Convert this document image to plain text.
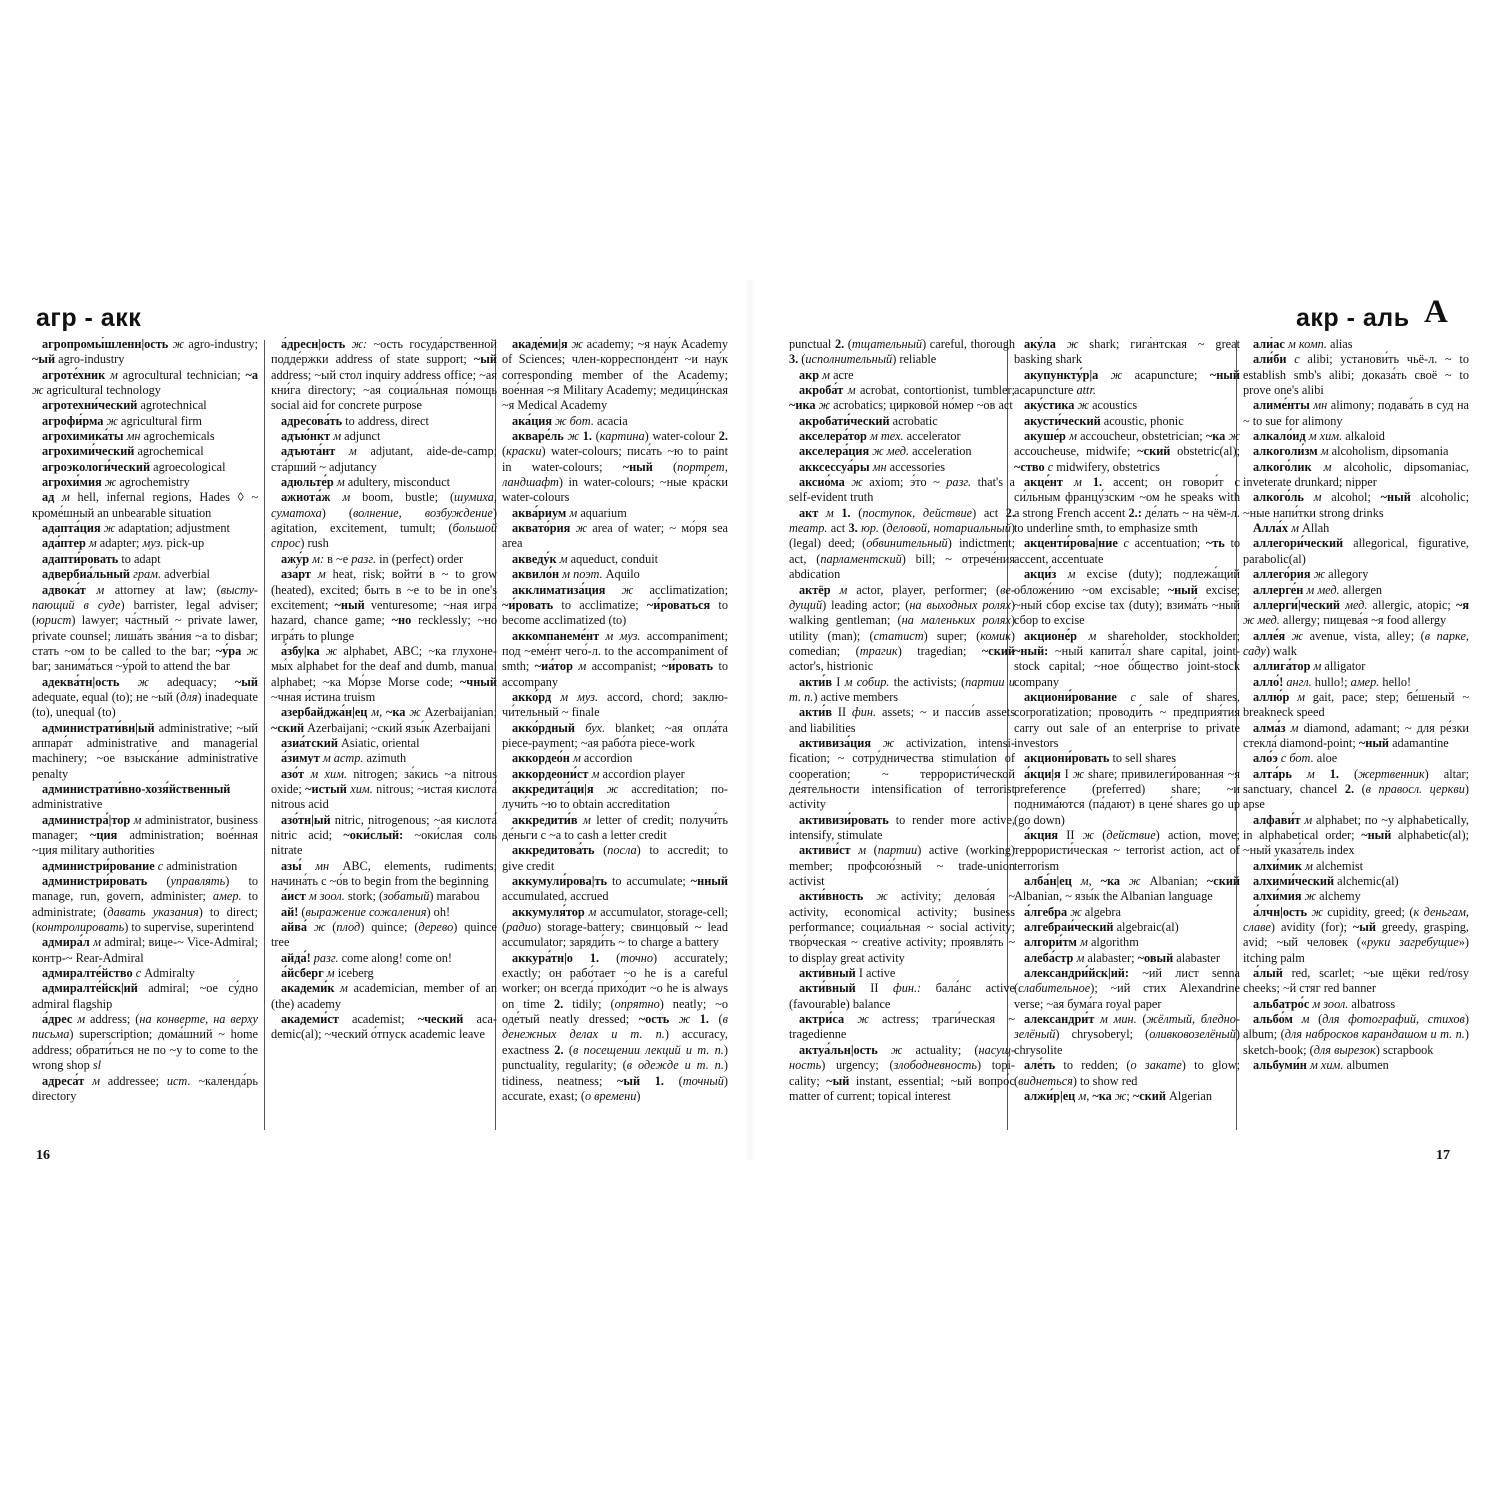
агр - акк	акр - аль A

агропромы́шленн|ость ж agro-industry; ~ый agro-industry

агроте́хник м agrocultural technician; ~а ж agricultural technology

агротехни́ческий agrotechnical

агрофи́рма ж agricultural firm

агрохимика́ты мн agrochemicals

агрохими́ческий agrochemical

агроэкологи́ческий agroecological

агрохи́мия ж agrochemistry

ад м hell, infernal regions, Hades ◊ ~ кроме́шный an unbearable situation

адапта́ция ж adaptation; adjustment

ада́птер м adapter; муз. pick-up

адапти́ровать to adapt

адвербиа́льный грам. adverbial

адвока́т м attorney at law; (выступающий в суде) barrister, legal adviser; (юрист) lawyer; ча́стный ~ private lawer, private counsel; лиша́ть зва́ния ~а to disbar; стать ~ом to be called to the bar; ~у́ра ж bar; занима́ться ~у́рой to attend the bar

адеква́тн|ость ж adequacy; ~ый adequate, equal (to); не ~ый (для) inadequate (to), unequal (to)

администрати́вн|ый administrative; ~ый аппара́т administrative and managerial machinery; ~ое взыска́ние administrative penalty

администрати́вно-хозя́йственный administrative

администра́|тор м administrator, business manager; ~ция administration; вое́нная ~ция military authorities

администри́рование с administration

администри́ровать (управлять) to manage, run, govern, administer; амер. to administrate; (давать указания) to direct; (контролировать) to supervise, superintend

адмира́л м admiral; вице-~ Vice-Admiral; контр-~ Rear-Admiral

адмиралте́йство с Admiralty

адмиралте́йск|ий admiral; ~ое су́дно admiral flagship

а́дрес м address; (на конверте, на верху письма) superscription; дома́шний ~ home address; обрати́ться не по ~у to come to the wrong shop sl

адреса́т м addressee; ист. ~календа́рь directory

а́дресн|ость ж: ~ость госуда́рственной подде́ржки address of state support; ~ый address; ~ый стол inquiry address office; ~ая кни́га directory; ~ая социа́льная по́мощь social aid for concrete purpose

адресова́ть to address, direct

адъю́нкт м adjunct

адъюта́нт м adjutant, aide-de-camp; ста́рший ~ adjutancy

адюльте́р м adultery, misconduct

ажиота́ж м boom, bustle; (шумиха, суматоха) (волнение, возбуждение) agitation, excitement, tumult; (большой спрос) rush

ажу́р м: в ~е разг. in (perfect) order

аза́рт м heat, risk; войти́ в ~ to grow (heated), excited; быть в ~е to be in one's excitement; ~ный venturesome; ~ная игра́ hazard, chance game; ~но recklessly; ~но игра́ть to plunge

а́збу|ка ж alphabet, ABC; ~ка глухонемы́х alphabet for the deaf and dumb, manual alphabet; ~ка Мо́рзе Morse code; ~чный ~чная и́стина truism

азербайджа́н|ец м, ~ка ж Azerbaijanian; ~ский Azerbaijani; ~ский язы́к Azerbaijani

азиа́тский Asiatic, oriental

а́зимут м астр. azimuth

азо́т м хим. nitrogen; за́кись ~а nitrous oxide; ~истый хим. nitrous; ~истая кислота́ nitrous acid

азо́тн|ый nitric, nitrogenous; ~ая кислота́ nitric acid; ~оки́слый: ~оки́слая соль nitrate

азы́ мн ABC, elements, rudiments; начина́ть с ~о́в to begin from the beginning

а́ист м зоол. stork; (зобатый) marabou

ай! (выражение сожаления) oh!

айва́ ж (плод) quince; (дерево) quince tree

айда́! разг. come along! come on!

а́йсберг м iceberg

академи́к м academician, member of an (the) academy

академи́ст academist; ~ческий academic(al); ~ческий о́тпуск academic leave

акаде́ми|я ж academy; ~я нау́к Academy of Sciences; член-корреспонде́нт ~и нау́к corresponding member of the Academy; вое́нная ~я Military Academy; медици́нская ~я Medical Academy

ака́ция ж бот. acacia

акваре́ль ж 1. (картина) water-colour 2. (краски) water-colours; писа́ть ~ю to paint in water-colours; ~ный (портрет, ландшафт) in water-colours; ~ные кра́ски water-colours

аква́риум м aquarium

аквато́рия ж area of water; ~ мо́ря sea area

акведу́к м aqueduct, conduit

аквило́н м поэт. Aquilo

акклиматиза́ция ж acclimatization; ~и́ровать to acclimatize; ~и́роваться to become acclimatized (to)

аккомпанеме́нт м муз. accompaniment; под ~еме́нт чего́-л. to the accompaniment of smth; ~иа́тор м accompanist; ~и́ровать to accompany

акко́рд м муз. accord, chord; заключи́тельный ~ finale

акко́рдный бух. blanket; ~ая опла́та piece-payment; ~ая рабо́та piece-work

аккордео́н м accordion

аккордеони́ст м accordion player

аккредита́ци|я ж accreditation; получи́ть ~ю to obtain accreditation

аккредити́в м letter of credit; получи́ть де́ньги с ~а to cash a letter credit

аккредитова́ть (посла) to accredit; to give credit

аккумули́рова|ть to accumulate; ~нный accumulated, accrued

аккумуля́тор м accumulator, storage-cell; (радио) storage-battery; свинцо́вый ~ lead accumulator; заряди́ть ~ to charge a battery

аккура́тн|о 1. (точно) accurately; exactly; он рабо́тает ~о he is a careful worker; он всегда́ прихо́дит ~о he is always on time 2. tidily; (опрятно) neatly; ~о оде́тый neatly dressed; ~ость ж 1. (в денежных делах и т. п.) accuracy, exactness 2. (в посещении лекций и т. п.) punctuality, regularity; (в одежде и т. п.) tidiness, neatness; ~ый 1. (точный) accurate, exast; (о времени)

punctual 2. (тщательный) careful, thorough 3. (исполнительный) reliable

акр м acre

акроба́т м acrobat, contortionist, tumbler; ~ика ж acrobatics; цирково́й но́мер ~ов act

акробати́ческий acrobatic

акселера́тор м тех. accelerator

акселера́ция ж мед. acceleration

акксессуа́ры мн accessories

аксио́ма ж axiom; э́то ~ разг. that's a self-evident truth

акт м 1. (поступок, действие) act 2. театр. act 3. юр. (деловой, нотариальный) (legal) deed; (обвинительный) indictment; act, (парламентский) bill; ~ отрече́ния abdication

актёр м actor, player, performer; (ведущий) leading actor; (на выходных ролях) walking gentleman; (на маленьких ролях) utility (man); (статист) super; (комик) comedian; (трагик) tragedian; ~ский actor's, histrionic

акти́в I м собир. the activists; (партии и т. п.) active members

акти́в II фин. assets; ~ и пасси́в assets and liabilities

активиза́ция ж activization, intensification; ~ сотру́дничества stimulation of cooperation; ~ террористи́ческой де́ятельности intensification of terrorist activity

активизи́ровать to render more active, intensify, stimulate

активи́ст м (партии) active (working) member; профсою́зный ~ trade-union activist

акти́вность ж activity; делова́я ~ activity, economical activity; business performance; социа́льная ~ social activity; тво́рческая ~ creative activity; проявля́ть ~ to display great activity

акти́вный I active

акти́вный II фин.: бала́нс active (favourable) balance

актри́са ж actress; траги́ческая ~ tragedienne

актуа́льн|ость ж actuality; (насущность) urgency; (злободневность) topicality; ~ый instant, essential; ~ый вопро́с matter of current; topical interest

аку́ла ж shark; гига́нтская ~ great basking shark

акупункту́р|а ж acapuncture; ~ный acapuncture attr.

аку́стика ж acoustics

акусти́ческий acoustic, phonic

акуше́р м accoucheur, obstetrician; ~ка ж accoucheuse, midwife; ~ский obstetric(al); ~ство с midwifery, obstetrics

акце́нт м 1. accent; он говори́т с си́льным францу́зским ~ом he speaks with a strong French accent 2.: де́лать ~ на чём-л. to underline smth, to emphasize smth

акценти́рова|ние с accentuation; ~ть to accent, accentuate

акци́з м excise (duty); подлежа́щий обложе́нию ~ом excisable; ~ный excise; ~ный сбор excise tax (duty); взима́ть ~ный сбор to excise

акционе́р м shareholder, stockholder; ~ный: ~ный капита́л share capital, joint-stock capital; ~ное о́бщество joint-stock company

акциони́рование с sale of shares, corporatization; проводи́ть ~ предприя́тия carry out sale of an enterprise to private investors

акциони́ровать to sell shares

а́кци|я I ж share; привилеги́рованная ~я preference (preferred) share; ~и поднима́ются (па́дают) в цене́ shares go up (go down)

а́кция II ж (действие) action, move; террористи́ческая ~ terrorist action, act of terrorism

алба́н|ец м, ~ка ж Albanian; ~ский Albanian, ~ язы́к the Albanian language

а́лгебра ж algebra

алгебраи́ческий algebraic(al)

алгори́тм м algorithm

алеба́стр м alabaster; ~овый alabaster

александри́йск|ий: ~ий лист senna (слабительное); ~ий стих Alexandrine verse; ~ая бума́га royal paper

александри́т м мин. (жёлтый, бледно-зелёный) chrysoberyl; (оливковозелёный) chrysolite

але́ть to redden; (о закате) to glow; (виднеться) to show red

алжи́р|ец м, ~ка ж; ~ский Algerian

али́ас м комп. alias

али́би с alibi; установи́ть чьё-л. ~ to establish smb's alibi; доказа́ть своё ~ to prove one's alibi

алиме́нты мн alimony; подава́ть в суд на ~ to sue for alimony

алкало́ид м хим. alkaloid

алкоголи́зм м alcoholism, dipsomania

алкого́лик м alcoholic, dipsomaniac, inveterate drunkard; nipper

алкого́ль м alcohol; ~ный alcoholic; ~ные напи́тки strong drinks

Алла́х м Allah

аллегори́ческий allegorical, figurative, parabolic(al)

аллего́рия ж allegory

аллерге́н м мед. allergen

аллерги́|ческий мед. allergic, atopic; ~я ж мед. allergy; пищева́я ~я food allergy

алле́я ж avenue, vista, alley; (в парке, саду) walk

аллига́тор м alligator

алло́! англ. hullo!; амер. hello!

аллю́р м gait, pace; step; бе́шеный ~ breakneck speed

алма́з м diamond, adamant; ~ для ре́зки стекла́ diamond-point; ~ный adamantine

ало́э с бот. aloe

алта́рь м 1. (жертвенник) altar; sanctuary, chancel 2. (в правосл. церкви) apse

алфави́т м alphabet; по ~у alphabetically, in alphabetical order; ~ный alphabetic(al); ~ный указа́тель index

алхи́мик м alchemist

алхими́ческий alchemic(al)

алхи́мия ж alchemy

а́лчн|ость ж cupidity, greed; (к деньгам, славе) avidity (for); ~ый greedy, grasping, avid; ~ый челове́к («руки загребущие») itching palm

а́лый red, scarlet; ~ые щёки red/rosy cheeks; ~й стяг red banner

альбатро́с м зоол. albatross

альбо́м м (для фотографий, стихов) album; (для набросков карандашом и т. п.) sketch-book; (для вырезок) scrapbook

альбуми́н м хим. albumen

16	17
